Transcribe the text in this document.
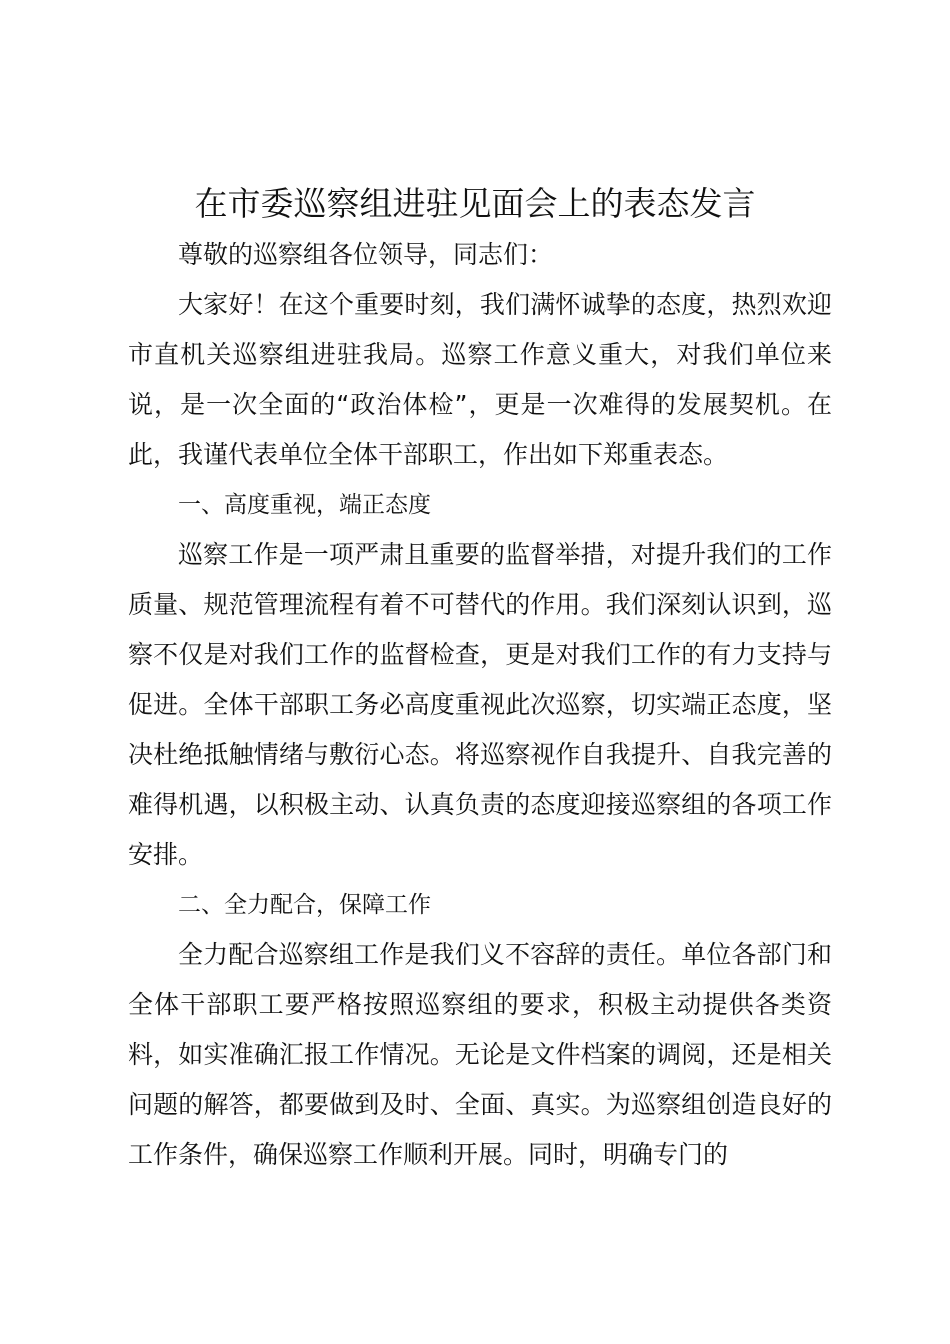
在市委巡察组进驻见面会上的表态发言

尊敬的巡察组各位领导，同志们：

大家好！在这个重要时刻，我们满怀诚挚的态度，热烈欢迎市直机关巡察组进驻我局。巡察工作意义重大，对我们单位来说，是一次全面的“政治体检”，更是一次难得的发展契机。在此，我谨代表单位全体干部职工，作出如下郑重表态。

一、高度重视，端正态度

巡察工作是一项严肃且重要的监督举措，对提升我们的工作质量、规范管理流程有着不可替代的作用。我们深刻认识到，巡察不仅是对我们工作的监督检查，更是对我们工作的有力支持与促进。全体干部职工务必高度重视此次巡察，切实端正态度，坚决杜绝抵触情绪与敷衍心态。将巡察视作自我提升、自我完善的难得机遇，以积极主动、认真负责的态度迎接巡察组的各项工作安排。

二、全力配合，保障工作

全力配合巡察组工作是我们义不容辞的责任。单位各部门和全体干部职工要严格按照巡察组的要求，积极主动提供各类资料，如实准确汇报工作情况。无论是文件档案的调阅，还是相关问题的解答，都要做到及时、全面、真实。为巡察组创造良好的工作条件，确保巡察工作顺利开展。同时，明确专门的
